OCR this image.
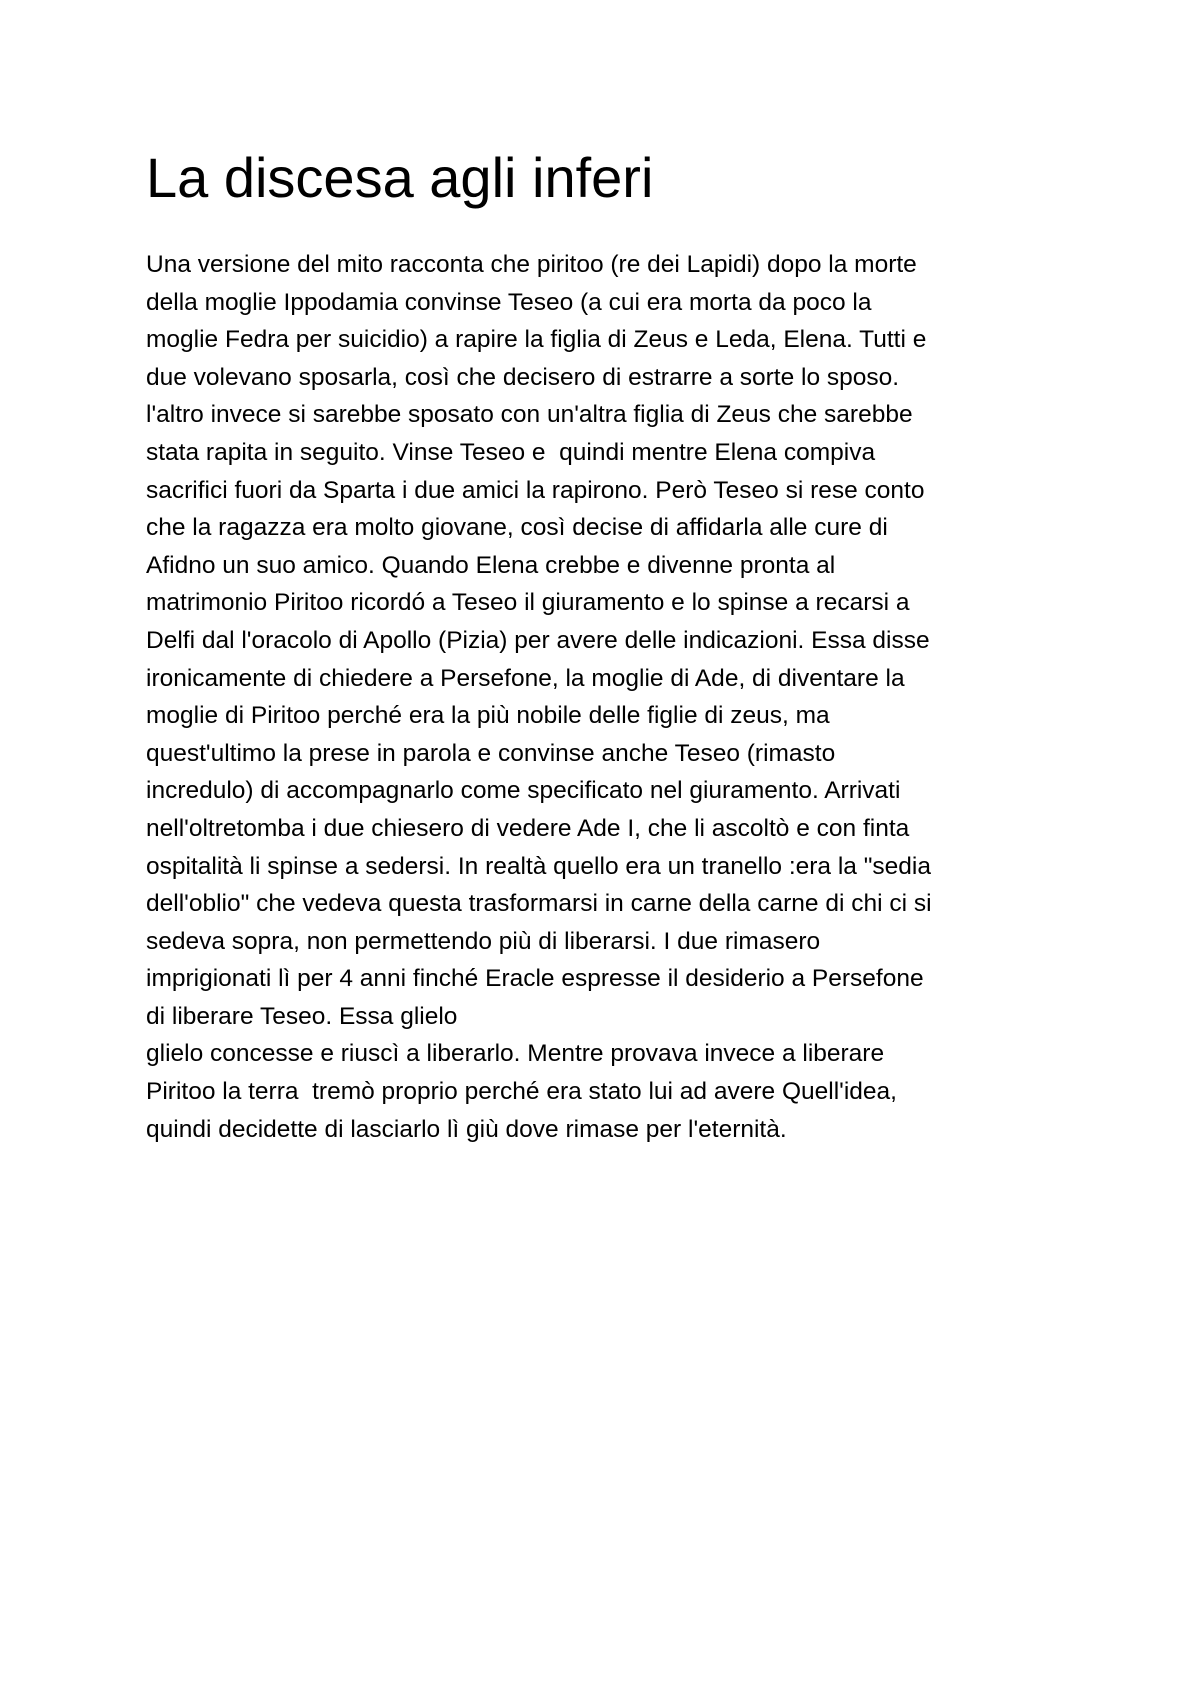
La discesa agli inferi
Una versione del mito racconta che piritoo (re dei Lapidi) dopo la morte
della moglie Ippodamia convinse Teseo (a cui era morta da poco la
moglie Fedra per suicidio) a rapire la figlia di Zeus e Leda, Elena. Tutti e
due volevano sposarla, così che decisero di estrarre a sorte lo sposo.
l'altro invece si sarebbe sposato con un'altra figlia di Zeus che sarebbe
stata rapita in seguito. Vinse Teseo e  quindi mentre Elena compiva
sacrifici fuori da Sparta i due amici la rapirono. Però Teseo si rese conto
che la ragazza era molto giovane, così decise di affidarla alle cure di
Afidno un suo amico. Quando Elena crebbe e divenne pronta al
matrimonio Piritoo ricordó a Teseo il giuramento e lo spinse a recarsi a
Delfi dal l'oracolo di Apollo (Pizia) per avere delle indicazioni. Essa disse
ironicamente di chiedere a Persefone, la moglie di Ade, di diventare la
moglie di Piritoo perché era la più nobile delle figlie di zeus, ma
quest'ultimo la prese in parola e convinse anche Teseo (rimasto
incredulo) di accompagnarlo come specificato nel giuramento. Arrivati
nell'oltretomba i due chiesero di vedere Ade I, che li ascoltò e con finta
ospitalità li spinse a sedersi. In realtà quello era un tranello :era la "sedia
dell'oblio" che vedeva questa trasformarsi in carne della carne di chi ci si
sedeva sopra, non permettendo più di liberarsi. I due rimasero
imprigionati lì per 4 anni finché Eracle espresse il desiderio a Persefone
di liberare Teseo. Essa glielo
glielo concesse e riuscì a liberarlo. Mentre provava invece a liberare
Piritoo la terra  tremò proprio perché era stato lui ad avere Quell'idea,
quindi decidette di lasciarlo lì giù dove rimase per l'eternità.
